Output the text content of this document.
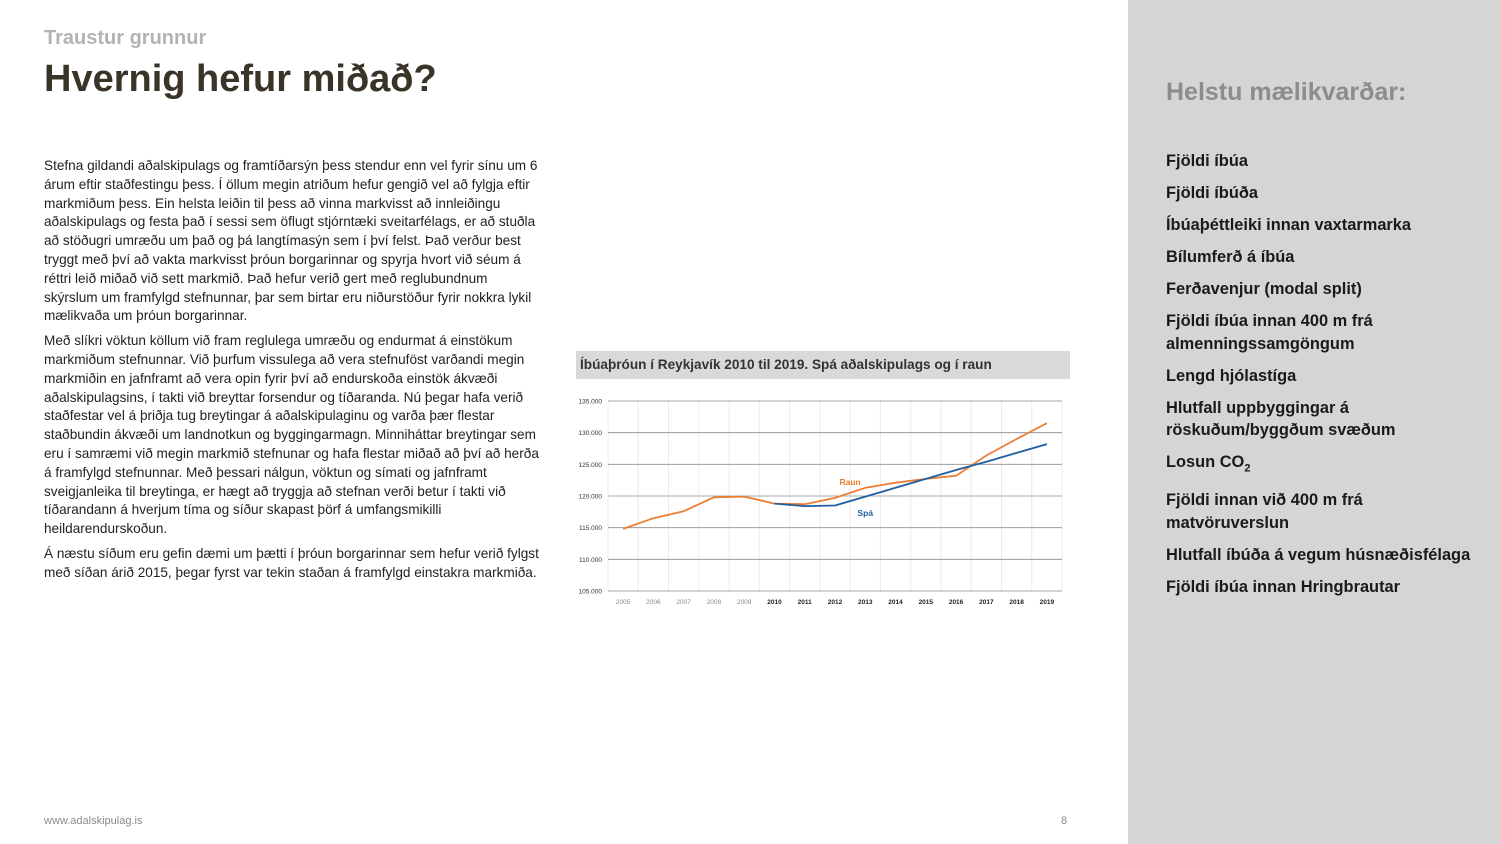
Traustur grunnur
Hvernig hefur miðað?

Stefna gildandi aðalskipulags og framtíðarsýn þess stendur enn vel fyrir sínu um 6 árum eftir staðfestingu þess. Í öllum megin atriðum hefur gengið vel að fylgja eftir markmiðum þess. Ein helsta leiðin til þess að vinna markvisst að innleiðingu aðalskipulags og festa það í sessi sem öflugt stjórntæki sveitarfélags, er að stuðla að stöðugri umræðu um það og þá langtímasýn sem í því felst. Það verður best tryggt með því að vakta markvisst þróun borgarinnar og spyrja hvort við séum á réttri leið miðað við sett markmið. Það hefur verið gert með reglubundnum skýrslum um framfylgd stefnunnar, þar sem birtar eru niðurstöður fyrir nokkra lykil mælikvaða um þróun borgarinnar.

Með slíkri vöktun köllum við fram reglulega umræðu og endurmat á einstökum markmiðum stefnunnar. Við þurfum vissulega að vera stefnuföst varðandi megin markmiðin en jafnframt að vera opin fyrir því að endurskoða einstök ákvæði aðalskipulagsins, í takti við breyttar forsendur og tíðaranda. Nú þegar hafa verið staðfestar vel á þriðja tug breytingar á aðalskipulaginu og varða þær flestar staðbundin ákvæði um landnotkun og byggingarmagn. Minniháttar breytingar sem eru í samræmi við megin markmið stefnunar og hafa flestar miðað að því að herða á framfylgd stefnunnar. Með þessari nálgun, vöktun og símati og jafnframt sveigjanleika til breytinga, er hægt að tryggja að stefnan verði betur í takti við tíðarandann á hverjum tíma og síður skapast þörf á umfangsmikilli heildarendurskoðun.

Á næstu síðum eru gefin dæmi um þætti í þróun borgarinnar sem hefur verið fylgst með síðan árið 2015, þegar fyrst var tekin staðan á framfylgd einstakra markmiða.

Íbúaþróun í Reykjavík 2010 til 2019. Spá aðalskipulags og í raun
105.000
110.000
115.000
120.000
125.000
130.000
135.000
2005 2006 2007 2008 2009 2010 2011 2012 2013 2014 2015 2016 2017 2018 2019
Raun
Spá
www.adalskipulag.is	8
Helstu mælikvarðar:
Fjöldi íbúa
Fjöldi íbúða
Íbúaþéttleiki innan vaxtarmarka
Bílumferð á íbúa
Ferðavenjur (modal split)
Fjöldi íbúa innan 400 m frá almenningssamgöngum
Lengd hjólastíga
Hlutfall uppbyggingar á röskuðum/byggðum svæðum
Losun $CO_2$
Fjöldi innan við 400 m frá matvöruverslun
Hlutfall íbúða á vegum húsnæðisfélaga
Fjöldi íbúa innan Hringbrautar
